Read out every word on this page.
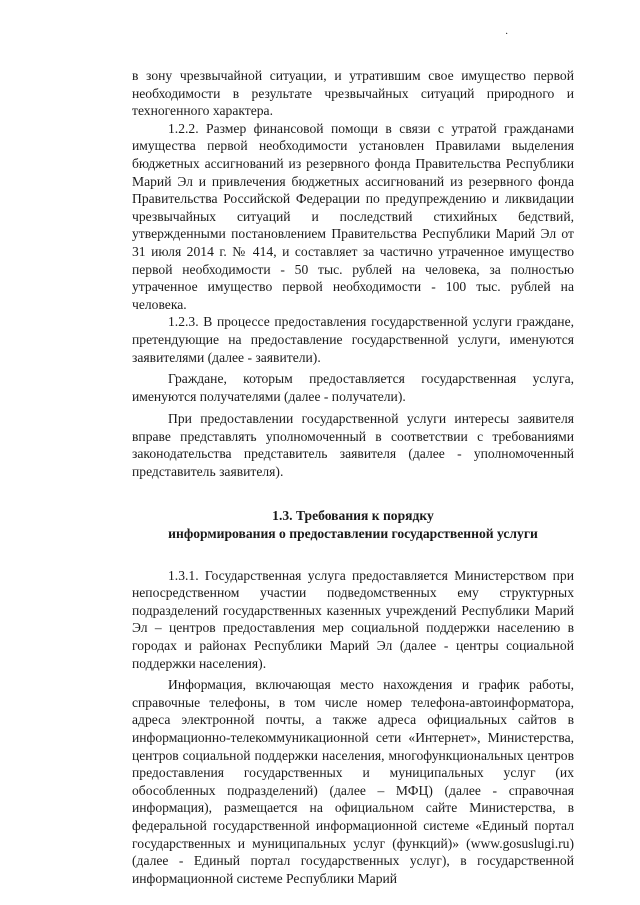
·

в зону чрезвычайной ситуации, и утратившим свое имущество первой необходимости в результате чрезвычайных ситуаций природного и техногенного характера.

1.2.2. Размер финансовой помощи в связи с утратой гражданами имущества первой необходимости установлен Правилами выделения бюджетных ассигнований из резервного фонда Правительства Республики Марий Эл и привлечения бюджетных ассигнований из резервного фонда Правительства Российской Федерации по предупреждению и ликвидации чрезвычайных ситуаций и последствий стихийных бедствий, утвержденными постановлением Правительства Республики Марий Эл от 31 июля 2014 г. № 414, и составляет за частично утраченное имущество первой необходимости - 50 тыс. рублей на человека, за полностью утраченное имущество первой необходимости - 100 тыс. рублей на человека.

1.2.3. В процессе предоставления государственной услуги граждане, претендующие на предоставление государственной услуги, именуются заявителями (далее - заявители).

Граждане, которым предоставляется государственная услуга, именуются получателями (далее - получатели).

При предоставлении государственной услуги интересы заявителя вправе представлять уполномоченный в соответствии с требованиями законодательства представитель заявителя (далее - уполномоченный представитель заявителя).

1.3. Требования к порядку

информирования о предоставлении государственной услуги

1.3.1. Государственная услуга предоставляется Министерством при непосредственном участии подведомственных ему структурных подразделений государственных казенных учреждений Республики Марий Эл – центров предоставления мер социальной поддержки населению в городах и районах Республики Марий Эл (далее - центры социальной поддержки населения).

Информация, включающая место нахождения и график работы, справочные телефоны, в том числе номер телефона-автоинформатора, адреса электронной почты, а также адреса официальных сайтов в информационно-телекоммуникационной сети «Интернет», Министерства, центров социальной поддержки населения, многофункциональных центров предоставления государственных и муниципальных услуг (их обособленных подразделений) (далее – МФЦ) (далее - справочная информация), размещается на официальном сайте Министерства, в федеральной государственной информационной системе «Единый портал государственных и муниципальных услуг (функций)» (www.gosuslugi.ru) (далее - Единый портал государственных услуг), в государственной информационной системе Республики Марий
